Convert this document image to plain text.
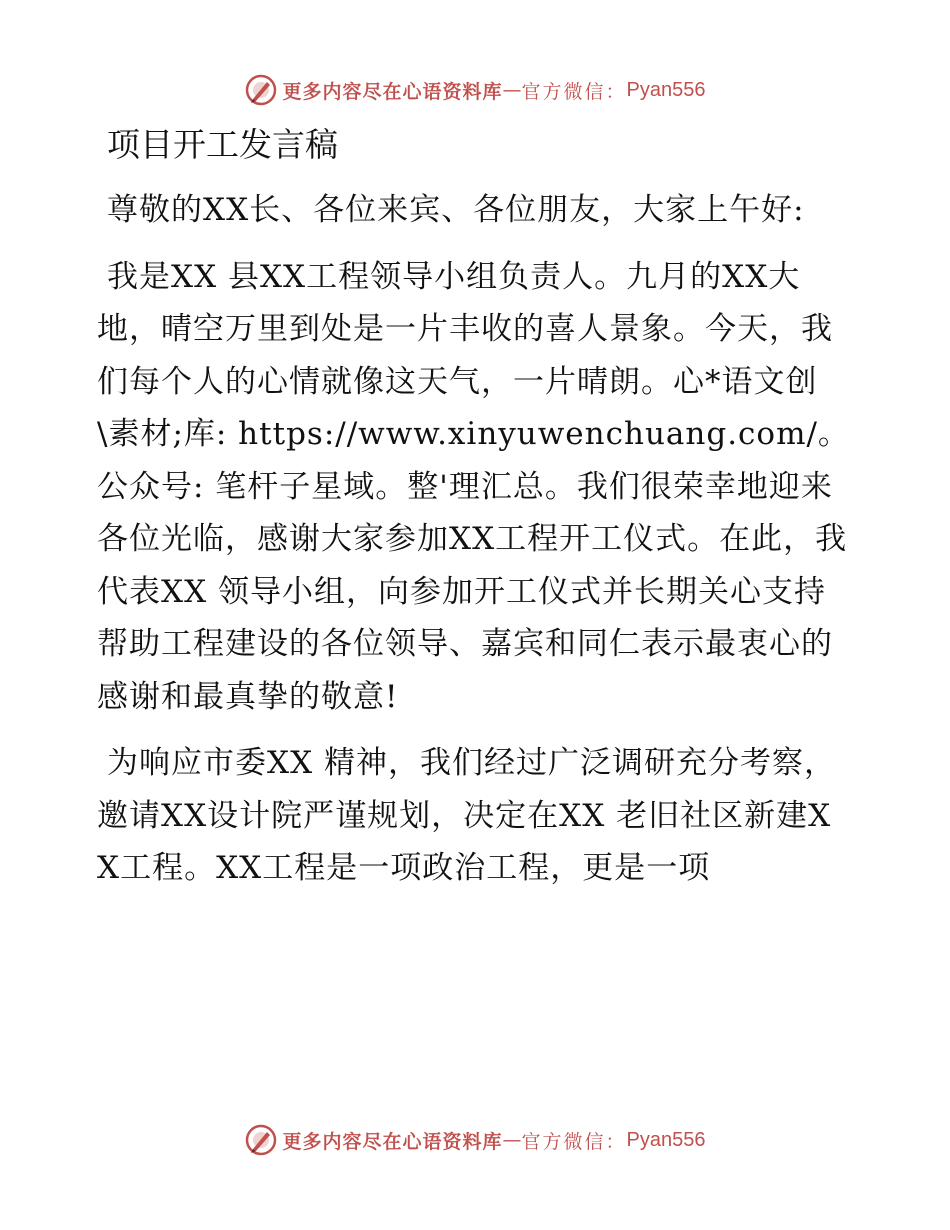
更多内容尽在心语资料库 — 官方微信： Pyan556
项目开工发言稿

尊敬的XX长、各位来宾、各位朋友，大家上午好:

我是XX 县XX工程领导小组负责人。九月的XX大地，晴空万里到处是一片丰收的喜人景象。今天，我们每个人的心情就像这天气，一片晴朗。心*语文创\素材;库: https://www.xinyuwenchuang.com/。公众号: 笔杆子星域。整'理汇总。我们很荣幸地迎来各位光临，感谢大家参加XX工程开工仪式。在此，我代表XX 领导小组，向参加开工仪式并长期关心支持帮助工程建设的各位领导、嘉宾和同仁表示最衷心的感谢和最真挚的敬意!

为响应市委XX 精神，我们经过广泛调研充分考察，邀请XX设计院严谨规划，决定在XX 老旧社区新建XX工程。XX工程是一项政治工程，更是一项

更多内容尽在心语资料库 — 官方微信： Pyan556
